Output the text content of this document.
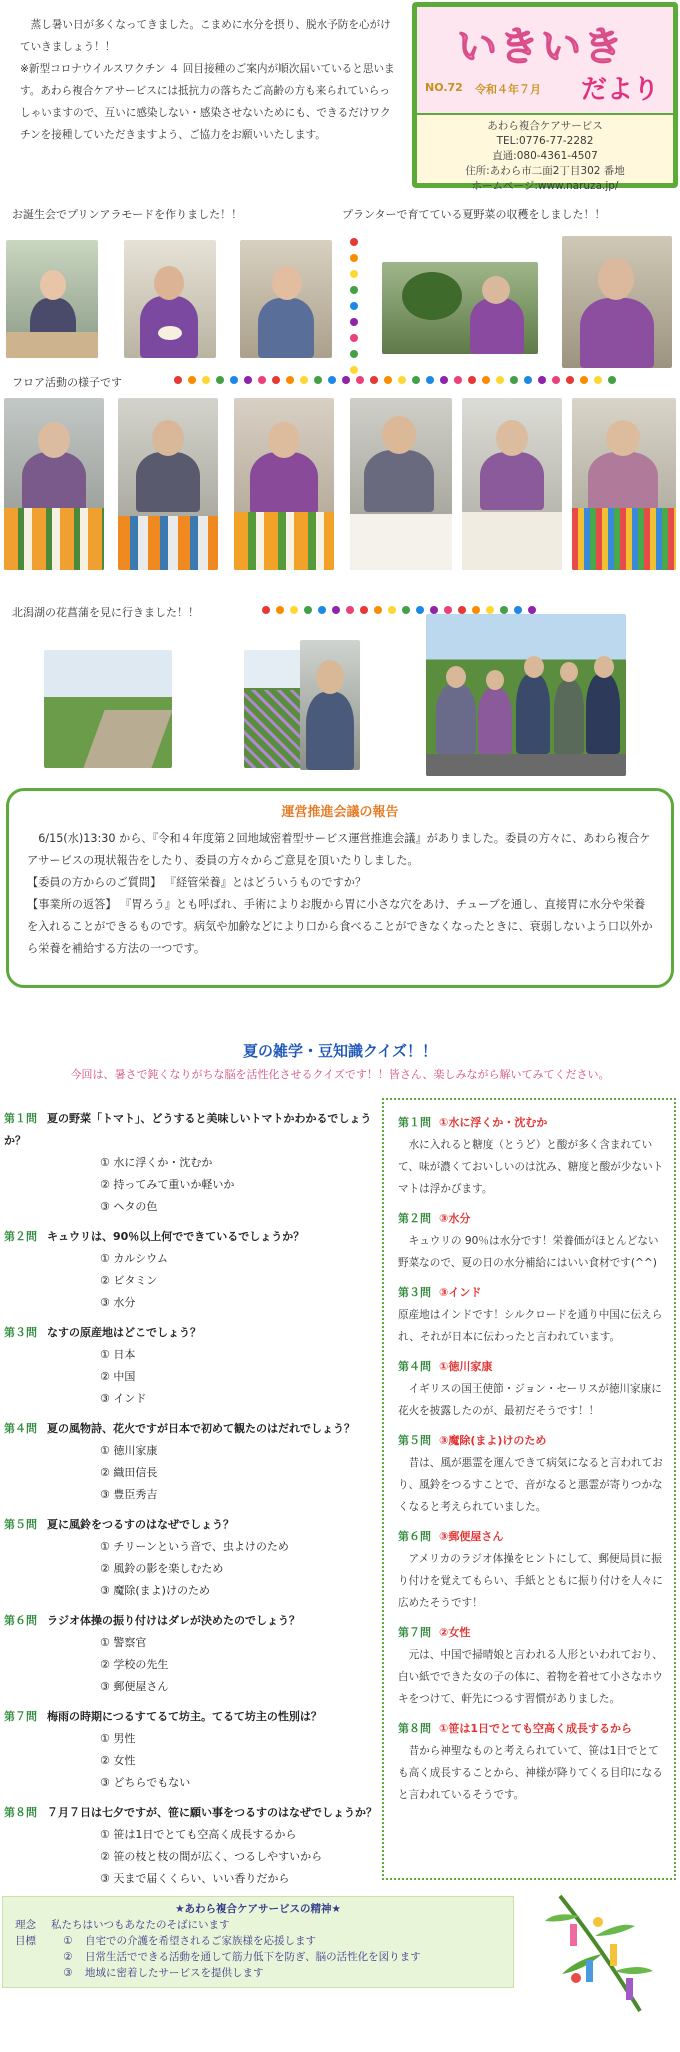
蒸し暑い日が多くなってきました。こまめに水分を摂り、脱水予防を心がけていきましょう！！

※新型コロナウイルスワクチン ４ 回目接種のご案内が順次届いていると思います。あわら複合ケアサービスには抵抗力の落ちたご高齢の方も来られていらっしゃいますので、互いに感染しない・感染させないためにも、できるだけワクチンを接種していただきますよう、ご協力をお願いいたします。

いきいき
NO.72 令和４年７月 だより
あわら複合ケアサービス
TEL:0776-77-2282
直通:080-4361-4507
住所:あわら市二面2丁目302 番地
ホームページ:www.naruza.jp/
お誕生会でプリンアラモードを作りました！！	プランターで育てている夏野菜の収穫をしました！！
フロア活動の様子です
北潟湖の花菖蒲を見に行きました！！
運営推進会議の報告

6/15(水)13:30 から、『令和４年度第２回地域密着型サービス運営推進会議』がありました。委員の方々に、あわら複合ケアサービスの現状報告をしたり、委員の方々からご意見を頂いたりしました。

【委員の方からのご質問】 『経管栄養』とはどういうものですか？

【事業所の返答】 『胃ろう』とも呼ばれ、手術によりお腹から胃に小さな穴をあけ、チューブを通し、直接胃に水分や栄養を入れることができるものです。病気や加齢などにより口から食べることができなくなったときに、衰弱しないよう口以外から栄養を補給する方法の一つです。

夏の雑学・豆知識クイズ！！
今回は、暑さで鈍くなりがちな脳を活性化させるクイズです！！皆さん、楽しみながら解いてみてください。
第１問 夏の野菜「トマト」、どうすると美味しいトマトかわかるでしょうか？
① 水に浮くか・沈むか
② 持ってみて重いか軽いか
③ ヘタの色
第２問 キュウリは、90％以上何でできているでしょうか？
① カルシウム
② ビタミン
③ 水分
第３問 なすの原産地はどこでしょう？
① 日本
② 中国
③ インド
第４問 夏の風物詩、花火ですが日本で初めて観たのはだれでしょう？
① 徳川家康
② 織田信長
③ 豊臣秀吉
第５問 夏に風鈴をつるすのはなぜでしょう？
① チリーンという音で、虫よけのため
② 風鈴の影を楽しむため
③ 魔除(まよ)けのため
第６問 ラジオ体操の振り付けはダレが決めたのでしょう？
① 警察官
② 学校の先生
③ 郵便屋さん
第７問 梅雨の時期につるすてるて坊主。てるて坊主の性別は？
① 男性
② 女性
③ どちらでもない
第８問 ７月７日は七夕ですが、笹に願い事をつるすのはなぜでしょうか？
① 笹は1日でとても空高く成長するから
② 笹の枝と枝の間が広く、つるしやすいから
③ 天まで届くくらい、いい香りだから
第１問 ①水に浮くか・沈むか
水に入れると糖度（とうど）と酸が多く含まれていて、味が濃くておいしいのは沈み、糖度と酸が少ないトマトは浮かびます。
第２問 ③水分
キュウリの 90％は水分です！栄養価がほとんどない野菜なので、夏の日の水分補給にはいい食材です(^^)
第３問 ③インド
原産地はインドです！シルクロードを通り中国に伝えられ、それが日本に伝わったと言われています。
第４問 ①徳川家康
イギリスの国王使節・ジョン・セーリスが徳川家康に花火を披露したのが、最初だそうです！！
第５問 ③魔除(まよ)けのため
昔は、風が悪霊を運んできて病気になると言われており、風鈴をつるすことで、音がなると悪霊が寄りつかなくなると考えられていました。
第６問 ③郵便屋さん
アメリカのラジオ体操をヒントにして、郵便局員に振り付けを覚えてもらい、手紙とともに振り付けを人々に広めたそうです！
第７問 ②女性
元は、中国で掃晴娘と言われる人形といわれており、白い紙でできた女の子の体に、着物を着せて小さなホウキをつけて、軒先につるす習慣がありました。
第８問 ①笹は1日でとても空高く成長するから
昔から神聖なものと考えられていて、笹は1日でとても高く成長することから、神様が降りてくる目印になると言われているそうです。
★あわら複合ケアサービスの精神★
理念	私たちはいつもあなたのそばにいます
目標	①	自宅での介護を希望されるご家族様を応援します
②	日常生活でできる活動を通して筋力低下を防ぎ、脳の活性化を図ります
③	地域に密着したサービスを提供します
